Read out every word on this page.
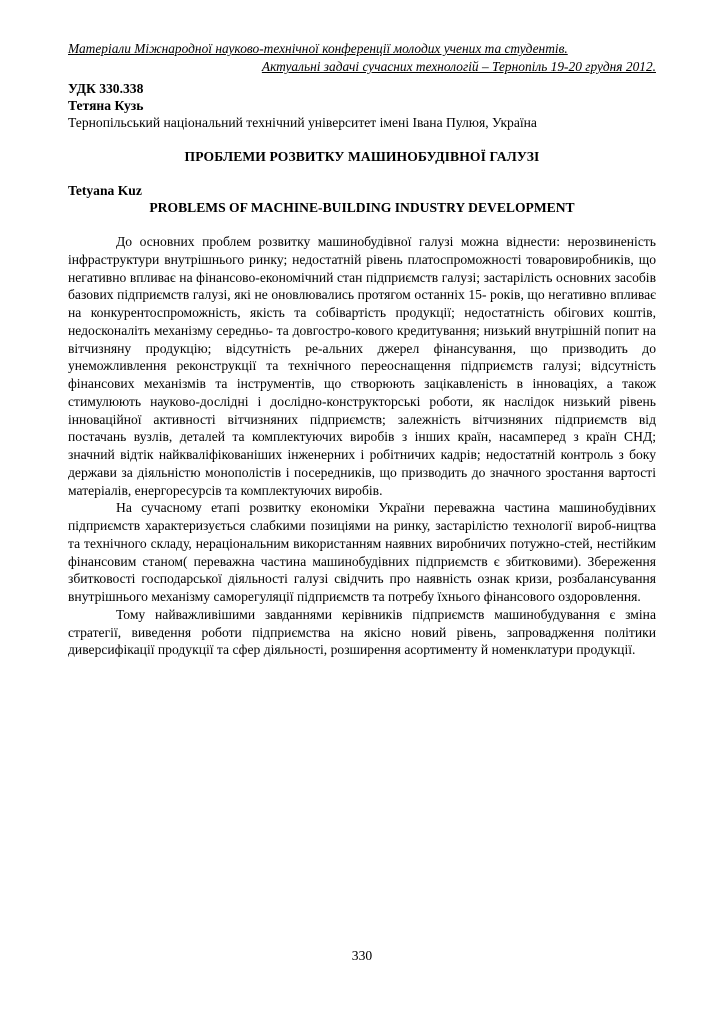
Матеріали Міжнародної науково-технічної конференції молодих учених та студентів.
Актуальні задачі сучасних технологій – Тернопіль 19-20 грудня 2012.
УДК 330.338
Тетяна Кузь
Тернопільський національний технічний університет імені Івана Пулюя, Україна
ПРОБЛЕМИ РОЗВИТКУ МАШИНОБУДІВНОЇ ГАЛУЗІ
Tetyana Kuz
PROBLEMS OF MACHINE-BUILDING INDUSTRY DEVELOPMENT

До основних проблем розвитку машинобудівної галузі можна віднести: нерозвиненість інфраструктури внутрішнього ринку; недостатній рівень платоспроможності товаровиробників, що негативно впливає на фінансово-економічний стан підприємств галузі; застарілість основних засобів базових підприємств галузі, які не оновлювались протягом останніх 15- років, що негативно впливає на конкурентоспроможність, якість та собівартість продукції; недостатність обігових коштів, недосконаліть механізму середньо- та довгостро-кового кредитування; низький внутрішній попит на вітчизняну продукцію; відсутність ре-альних джерел фінансування, що призводить до унеможливлення реконструкції та технічного переоснащення підприємств галузі; відсутність фінансових механізмів та інструментів, що створюють зацікавленість в інноваціях, а також стимулюють науково-дослідні і дослідно-конструкторські роботи, як наслідок низький рівень інноваційної активності вітчизняних підприємств; залежність вітчизняних підприємств від постачань вузлів, деталей та комплектуючих виробів з інших країн, насамперед з країн СНД; значний відтік найкваліфікованіших інженерних і робітничих кадрів; недостатній контроль з боку держави за діяльністю монополістів і посередників, що призводить до значного зростання вартості матеріалів, енергоресурсів та комплектуючих виробів.

На сучасному етапі розвитку економіки України переважна частина машинобудівних підприємств характеризується слабкими позиціями на ринку, застарілістю технології вироб-ництва та технічного складу, нераціональним використанням наявних виробничих потужно-стей, нестійким фінансовим станом( переважна частина машинобудівних підприємств є збитковими). Збереження збитковості господарської діяльності галузі свідчить про наявність ознак кризи, розбалансування внутрішнього механізму саморегуляції підприємств та потребу їхнього фінансового оздоровлення.

Тому найважливішими завданнями керівників підприємств машинобудування є зміна стратегії, виведення роботи підприємства на якісно новий рівень, запровадження політики диверсифікації продукції та сфер діяльності, розширення асортименту й номенклатури продукції.

330
